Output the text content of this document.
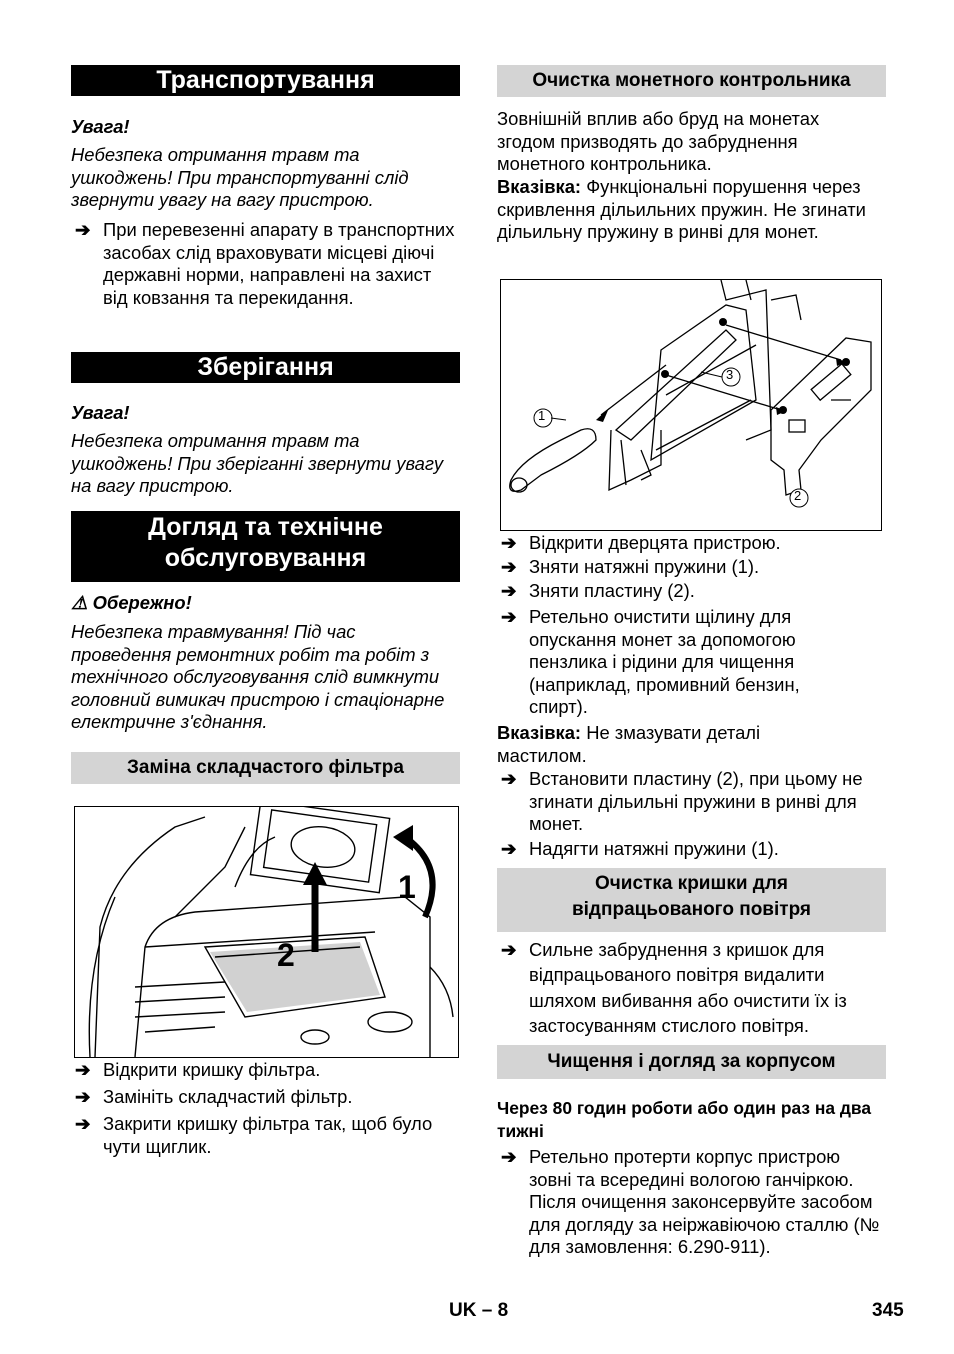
Транспортування
Увага!
Небезпека отримання травм та ушкоджень! При транспортуванні слід звернути увагу на вагу пристрою.
➔ При перевезенні апарату в транспортних засобах слід враховувати місцеві діючі державні норми, направлені на захист від ковзання та перекидання.
Зберігання
Увага!
Небезпека отримання травм та ушкоджень! При зберіганні звернути увагу на вагу пристрою.
Догляд та технічне
обслуговування
⚠ Обережно!
Небезпека травмування! Під час проведення ремонтних робіт та робіт з технічного обслуговування слід вимкнути головний вимикач пристрою і стаціонарне електричне з'єднання.
Заміна складчастого фільтра
1
2
➔ Відкрити кришку фільтра.
➔ Замініть складчастий фільтр.
➔ Закрити кришку фільтра так, щоб було чути щиглик.
Очистка монетного контрольника
Зовнішній вплив або бруд на монетах згодом призводять до забруднення монетного контрольника.
Вказівка: Функціональні порушення через скривлення дільильних пружин. Не згинати дільильну пружину в ринві для монет.
1
2
3
➔ Відкрити дверцята пристрою.
➔ Зняти натяжні пружини (1).
➔ Зняти пластину (2).
➔ Ретельно очистити щілину для опускання монет за допомогою пензлика і рідини для чищення (наприклад, промивний бензин, спирт).
Вказівка: Не змазувати деталі мастилом.
➔ Встановити пластину (2), при цьому не згинати дільильні пружини в ринві для монет.
➔ Надягти натяжні пружини (1).
Очистка кришки для
відпрацьованого повітря
➔ Сильне забруднення з кришок для відпрацьованого повітря видалити шляхом вибивання або очистити їх із застосуванням стислого повітря.
Чищення і догляд за корпусом
Через 80 годин роботи або один раз на два тижні
➔ Ретельно протерти корпус пристрою зовні та всередині вологою ганчіркою. Після очищення законсервуйте засобом для догляду за неіржавіючою сталлю (№ для замовлення: 6.290-911).
UK – 8	345
